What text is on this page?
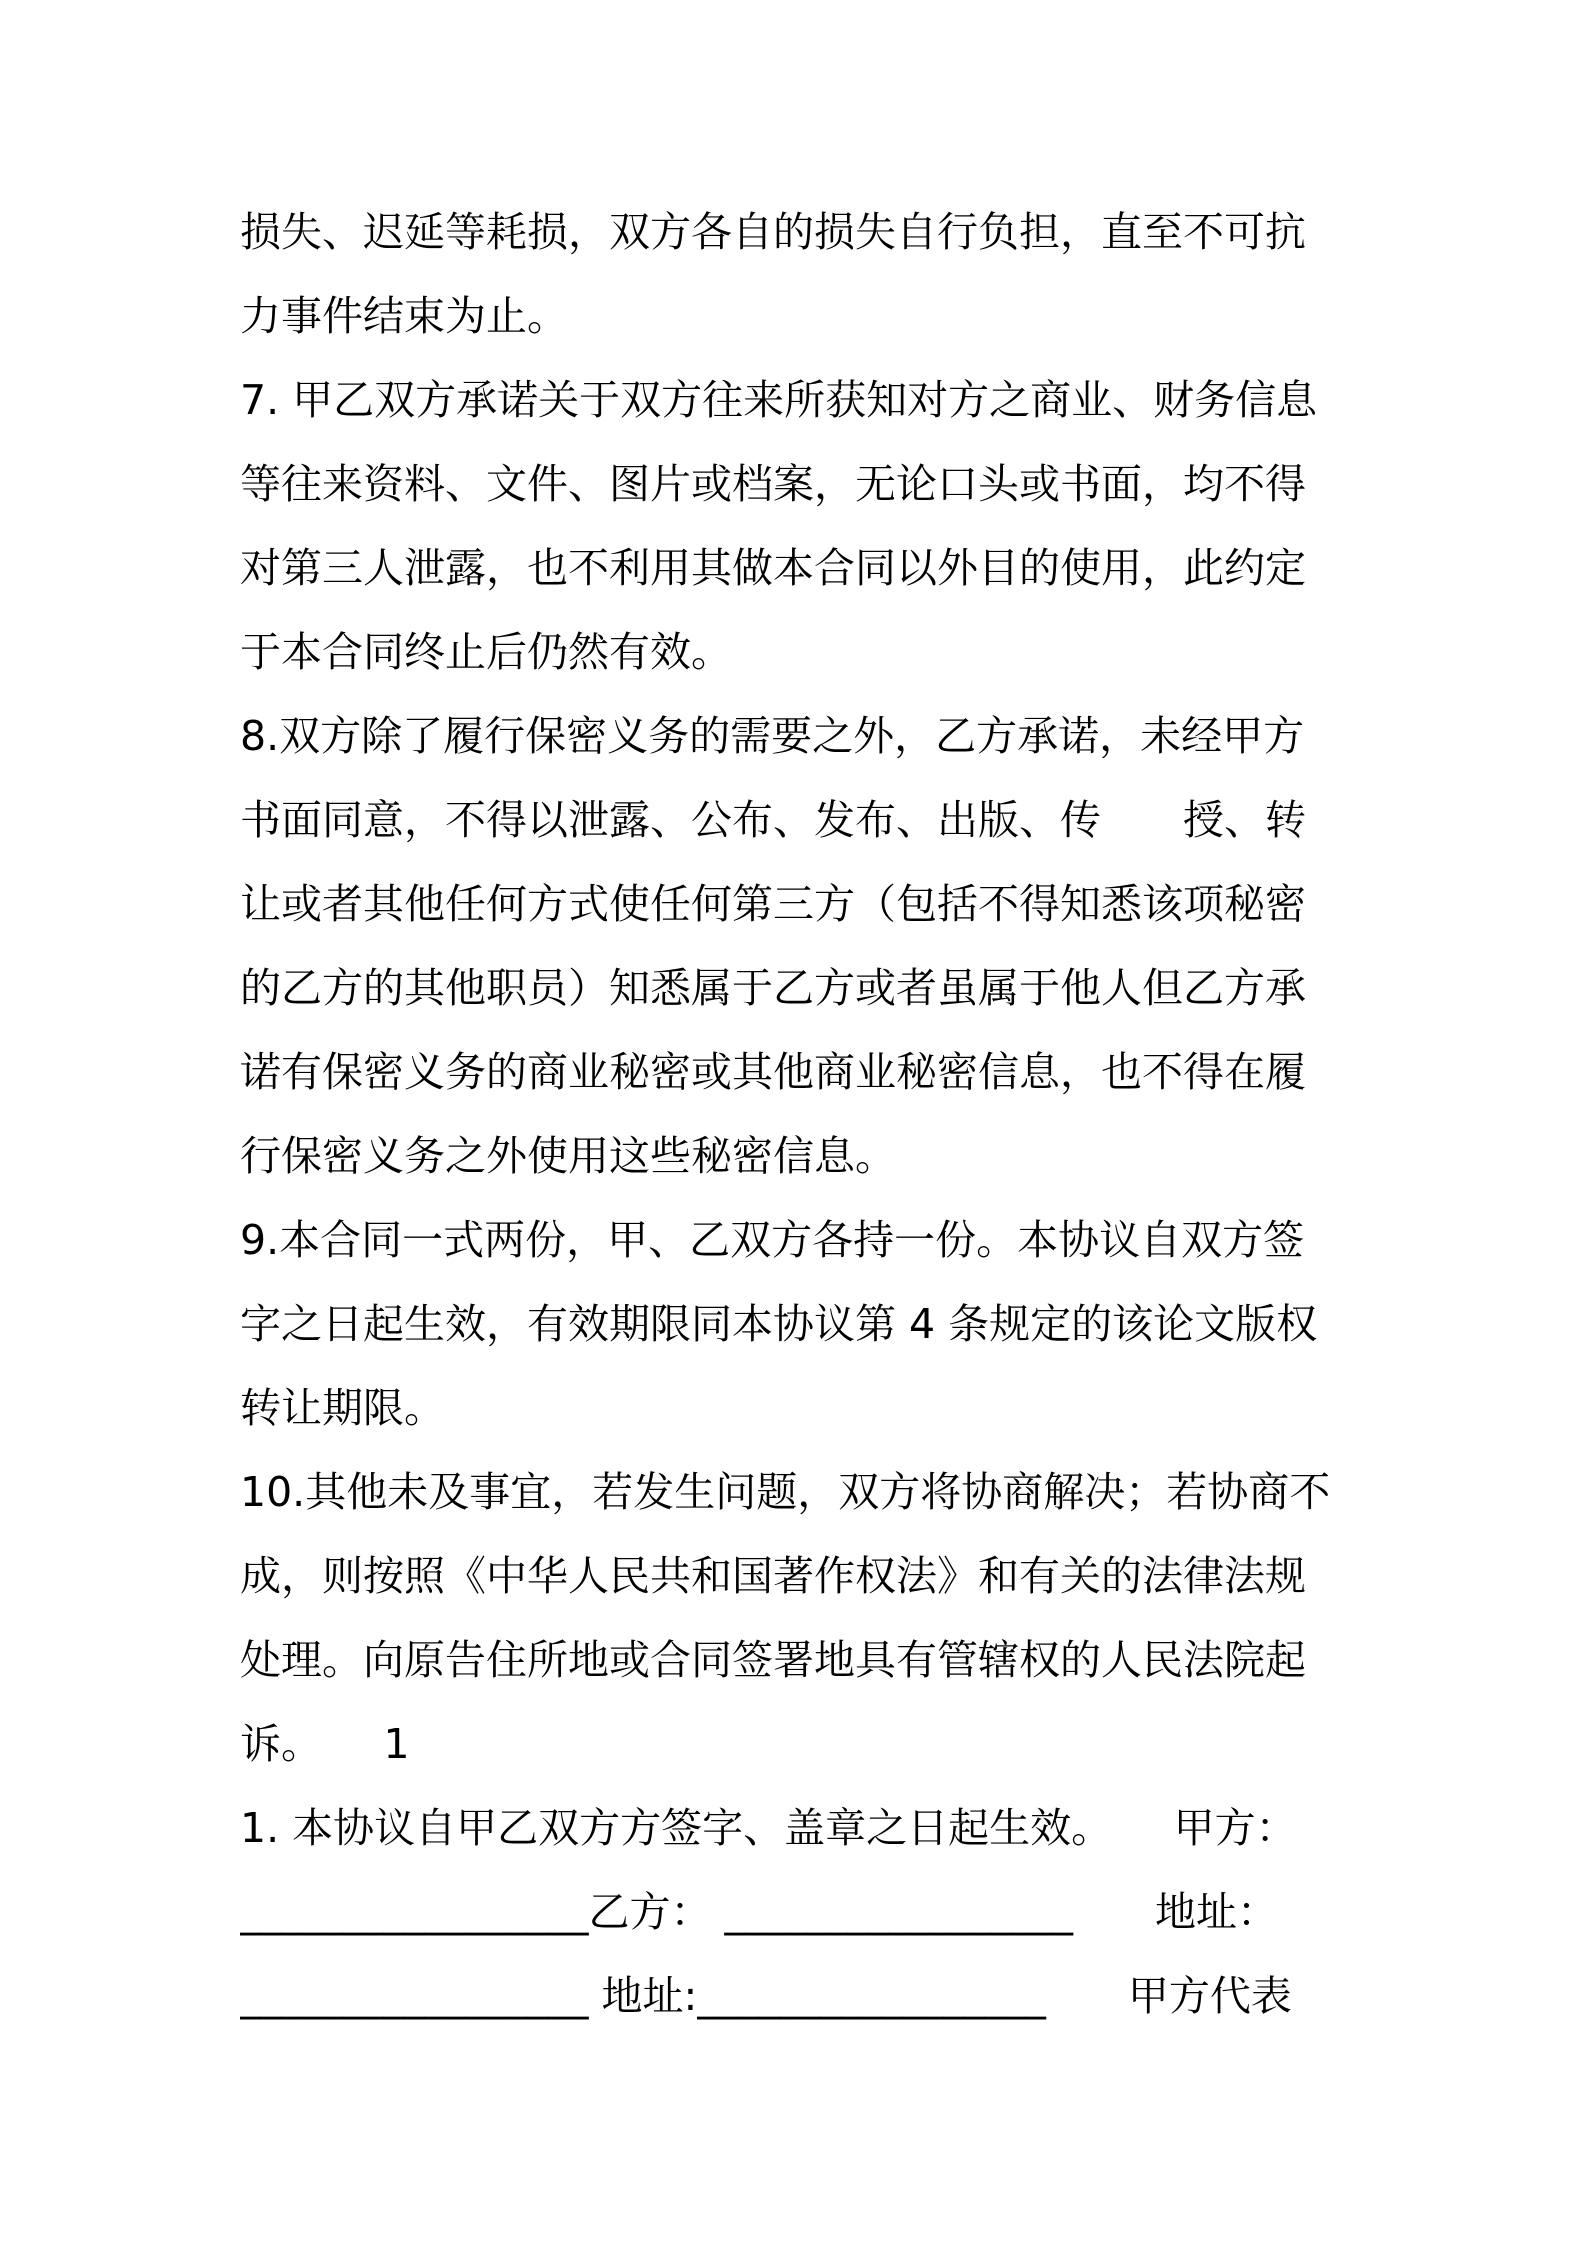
损失、迟延等耗损，双方各自的损失自行负担，直至不可抗
力事件结束为止。
7. 甲乙双方承诺关于双方往来所获知对方之商业、财务信息
等往来资料、文件、图片或档案，无论口头或书面，均不得
对第三人泄露，也不利用其做本合同以外目的使用，此约定
于本合同终止后仍然有效。
8.双方除了履行保密义务的需要之外，乙方承诺，未经甲方
书面同意，不得以泄露、公布、发布、出版、传　　授、转
让或者其他任何方式使任何第三方（包括不得知悉该项秘密
的乙方的其他职员）知悉属于乙方或者虽属于他人但乙方承
诺有保密义务的商业秘密或其他商业秘密信息，也不得在履
行保密义务之外使用这些秘密信息。
9.本合同一式两份，甲、乙双方各持一份。本协议自双方签
字之日起生效，有效期限同本协议第 4 条规定的该论文版权
转让期限。
10.其他未及事宜，若发生问题，双方将协商解决；若协商不
成，则按照《中华人民共和国著作权法》和有关的法律法规
处理。向原告住所地或合同签署地具有管辖权的人民法院起
诉。　　1
1. 本协议自甲乙双方方签字、盖章之日起生效。　　甲方：
_________________乙方： _________________　　地址：
_________________ 地址:_________________　　甲方代表
